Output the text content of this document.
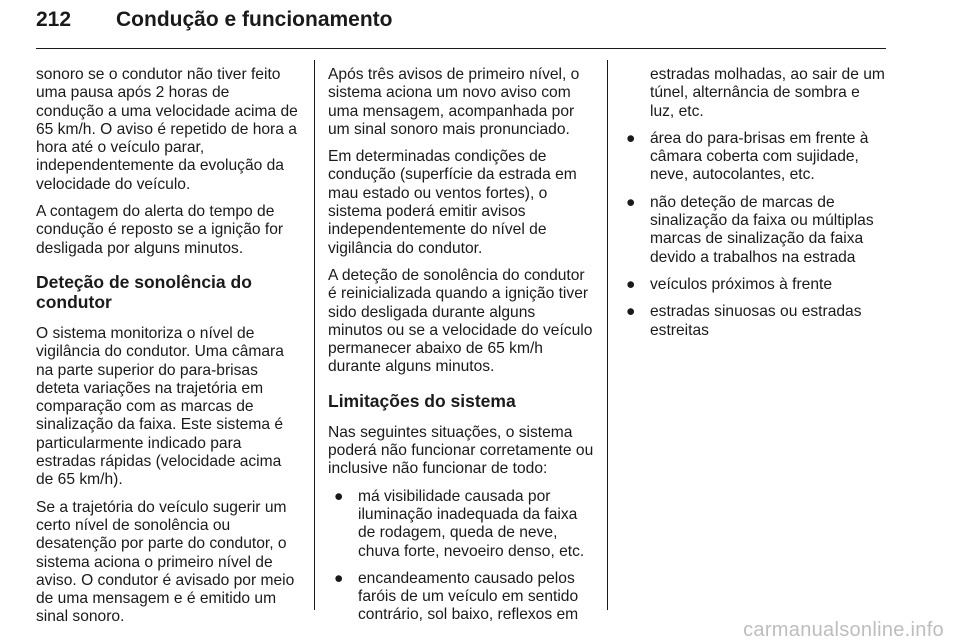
212 Condução e funcionamento

sonoro se o condutor não tiver feito uma pausa após 2 horas de condução a uma velocidade acima de 65 km/h. O aviso é repetido de hora a hora até o veículo parar, independentemente da evolução da velocidade do veículo.

A contagem do alerta do tempo de condução é reposto se a ignição for desligada por alguns minutos.

Deteção de sonolência do condutor

O sistema monitoriza o nível de vigilância do condutor. Uma câmara na parte superior do para-brisas deteta variações na trajetória em comparação com as marcas de sinalização da faixa. Este sistema é particularmente indicado para estradas rápidas (velocidade acima de 65 km/h).

Se a trajetória do veículo sugerir um certo nível de sonolência ou desatenção por parte do condutor, o sistema aciona o primeiro nível de aviso. O condutor é avisado por meio de uma mensagem e é emitido um sinal sonoro.

Após três avisos de primeiro nível, o sistema aciona um novo aviso com uma mensagem, acompanhada por um sinal sonoro mais pronunciado.

Em determinadas condições de condução (superfície da estrada em mau estado ou ventos fortes), o sistema poderá emitir avisos independentemente do nível de vigilância do condutor.

A deteção de sonolência do condutor é reinicializada quando a ignição tiver sido desligada durante alguns minutos ou se a velocidade do veículo permanecer abaixo de 65 km/h durante alguns minutos.

Limitações do sistema

Nas seguintes situações, o sistema poderá não funcionar corretamente ou inclusive não funcionar de todo:

● má visibilidade causada por iluminação inadequada da faixa de rodagem, queda de neve, chuva forte, nevoeiro denso, etc.
● encandeamento causado pelos faróis de um veículo em sentido contrário, sol baixo, reflexos em
estradas molhadas, ao sair de um túnel, alternância de sombra e luz, etc.
● área do para-brisas em frente à câmara coberta com sujidade, neve, autocolantes, etc.
● não deteção de marcas de sinalização da faixa ou múltiplas marcas de sinalização da faixa devido a trabalhos na estrada
● veículos próximos à frente
● estradas sinuosas ou estradas estreitas
carmanualsonline.info
